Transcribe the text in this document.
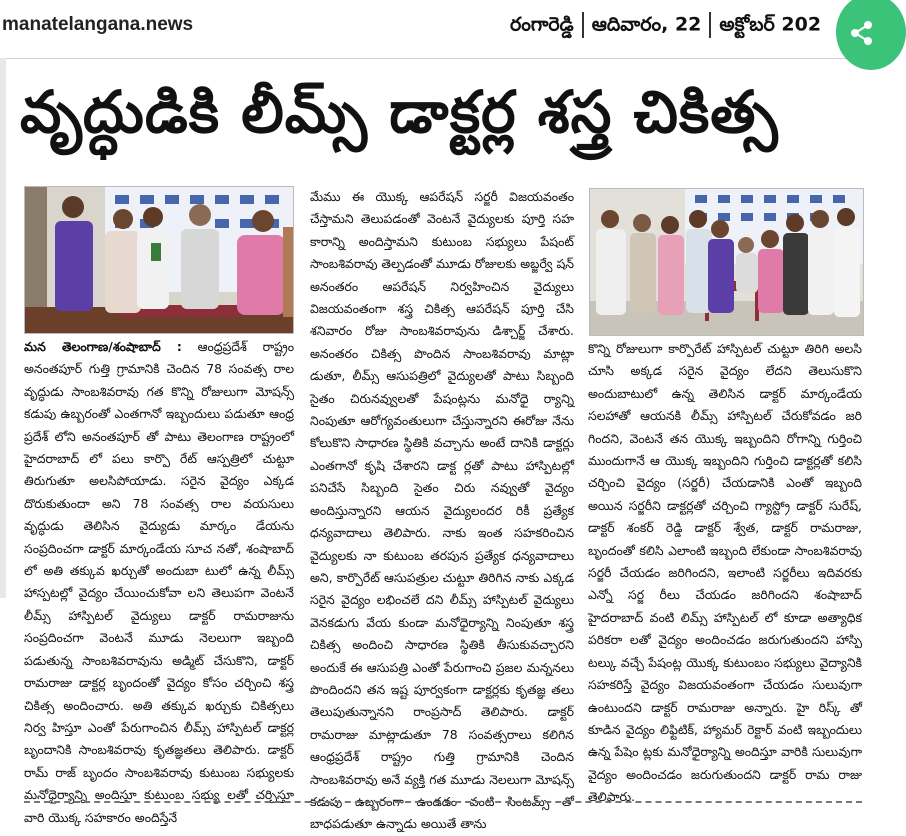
manatelangana.news	రంగారెడ్డి ఆదివారం, 22 అక్టోబర్ 202
వృద్ధుడికి లీమ్స్ డాక్టర్ల శస్త్ర చికిత్స
మన తెలంగాణ/శంషాబాద్ : ఆంధ్రప్రదేశ్ రాష్ట్రం అనంతపూర్ గుత్తి గ్రామానికి చెందిన 78 సంవత్స రాల వృద్ధుడు సాంబశివరావు గత కొన్ని రోజులుగా మోషన్స్ కడుపు ఉబ్బరంతో ఎంతగానో ఇబ్బందులు పడుతూ ఆంధ్ర ప్రదేశ్ లోని అనంతపూర్ తో పాటు తెలంగాణ రాష్ట్రంలో హైదరాబాద్ లో పలు కార్పొ రేట్ ఆస్పత్రిలో చుట్టూ తిరుగుతూ అలసిపోయాడు. సరైన వైద్యం ఎక్కడ దొరుకుతుందా అని 78 సంవత్స రాల వయసులు వృద్ధుడు తెలిసిన వైద్యుడు మార్కం డేయను సంప్రదించగా డాక్టర్ మార్కండేయ సూచ నతో, శంషాబాద్ లో అతి తక్కువ ఖర్చుతో అందుబా టులో ఉన్న లీమ్స్ హాస్పటల్లో వైద్యం చేయించుకోవా లని తెలుపగా వెంటనే లీమ్స్ హాస్పిటల్ వైద్యులు డాక్టర్ రామరాజును సంప్రదించగా వెంటనే మూడు నెలలుగా ఇబ్బంది పడుతున్న సాంబశివరావును అడ్మిట్ చేసుకొని, డాక్టర్ రామరాజు డాక్టర్ల బృందంతో వైద్యం కోసం చర్చించి శస్త్ర చికిత్స అందించారు. అతి తక్కువ ఖర్చుకు చికిత్సలు నిర్వ హిస్తూ ఎంతో పేరుగాంచిన లీమ్స్ హాస్పిటల్ డాక్టర్ల బృందానికి సాంబశివరావు కృతజ్ఞతలు తెలిపారు. డాక్టర్ రామ్ రాజ్ బృందం సాంబశివరావు కుటుంబ సభ్యులకు మనోధైర్యాన్ని అందిస్తూ కుటుంబ సభ్యు లతో చర్చిస్తూ వారి యొక్క సహకారం అందిస్తేనే
మేము ఈ యొక్క ఆపరేషన్ సర్జరీ విజయవంతం చేస్తామని తెలుపడంతో వెంటనే వైద్యులకు పూర్తి సహ కారాన్ని అందిస్తామని కుటుంబ సభ్యులు పేషంట్ సాంబశివరావు తెల్పడంతో మూడు రోజులకు అబ్జర్వే షన్ అనంతరం ఆపరేషన్ నిర్వహించిన వైద్యులు విజయవంతంగా శస్త్ర చికిత్స ఆపరేషన్ పూర్తి చేసి శనివారం రోజు సాంబశివరావును డిశ్చార్జ్ చేశారు. అనంతరం చికిత్స పొందిన సాంబశివరావు మాట్లా డుతూ, లీమ్స్ ఆసుపత్రిలో వైద్యులతో పాటు సిబ్బంది సైతం చిరునవ్వులతో పేషంట్లను మనోధై ర్యాన్ని నింపుతూ ఆరోగ్యవంతులుగా చేస్తున్నారని ఈరోజు నేను కోలుకొని సాధారణ స్థితికి వచ్చాను అంటే దానికి డాక్టర్లు ఎంతగానో కృషి చేశారని డాక్ట ర్లతో పాటు హాస్పిటల్లో పనిచేసే సిబ్బంది సైతం చిరు నవ్వుతో వైద్యం అందిస్తున్నారని ఆయన వైద్యులందర రికీ ప్రత్యేక ధన్యవాదాలు తెలిపారు. నాకు ఇంత సహకరించిన వైద్యులకు నా కుటుంబ తరపున ప్రత్యేక ధన్యవాదాలు అని, కార్పొరేట్ ఆసుపత్రుల చుట్టూ తిరిగిన నాకు ఎక్కడ సరైన వైద్యం లభించలే దని లీమ్స్ హాస్పిటల్ వైద్యులు వెనకడుగు వేయ కుండా మనోధైర్యాన్ని నింపుతూ శస్త్ర చికిత్స అందించి సాధారణ స్థితికి తీసుకువచ్చారని అందుకే ఈ ఆసుపత్రి ఎంతో పేరుగాంచి ప్రజల మన్ననలు పొందిందని తన ఇష్ట పూర్వకంగా డాక్టర్లకు కృతజ్ఞ తలు తెలుపుతున్నానని రాంప్రసాద్ తెలిపారు. డాక్టర్ రామరాజు మాట్లాడుతూ 78 సంవత్సరాలు కలిగిన ఆంధ్రప్రదేశ్ రాష్ట్రం గుత్తి గ్రామానికి చెందిన సాంబశివరావు అనే వ్యక్తి గత మూడు నెలలుగా మోషన్స్ కడుపు ఉబ్బరంగా ఉండడం వంటి సింటమ్స్ తో బాధపడుతూ ఉన్నాడు అయితే తాను
కొన్ని రోజులుగా కార్పొరేట్ హాస్పిటల్ చుట్టూ తిరిగి అలసి చూసి అక్కడ సరైన వైద్యం లేదని తెలుసుకొని అందుబాటులో ఉన్న తెలిసిన డాక్టర్ మార్కండేయ సలహాతో ఆయనకి లీమ్స్ హాస్పిటల్ చేరుకోవడం జరి గిందని, వెంటనే తన యొక్క ఇబ్బందిని రోగాన్ని గుర్తించి ముందుగానే ఆ యొక్క ఇబ్బందిని గుర్తించి డాక్టర్లతో కలిసి చర్చించి వైద్యం (సర్జరీ) చేయడానికి ఎంతో ఇబ్బంది అయిన సర్జరీని డాక్టర్లతో చర్చించి గ్యాస్ట్రో డాక్టర్ సురేష్, డాక్టర్ శంకర్ రెడ్డి డాక్టర్ శ్వేత, డాక్టర్ రామరాజు, బృందంతో కలిసి ఎలాంటి ఇబ్బంది లేకుండా సాంబశివరావు సర్జరీ చేయడం జరిగిందని, ఇలాంటి సర్జరీలు ఇదివరకు ఎన్నో సర్జ రీలు చేయడం జరిగిందని శంషాబాద్ హైదరాబాద్ వంటి లిమ్స్ హాస్పిటల్ లో కూడా అత్యాధిక పరికరా లతో వైద్యం అందించడం జరుగుతుందని హాస్పి టల్కు వచ్చే పేషంట్ల యొక్క కుటుంబం సభ్యులు వైద్యానికి సహకరిస్తే వైద్యం విజయవంతంగా చేయడం సులువుగా ఉంటుందని డాక్టర్ రామరాజు అన్నారు. హై రిస్క్ తో కూడిన వైద్యం లిఫ్టిటిక్, హ్యామర్ రెక్టార్ వంటి ఇబ్బందులు ఉన్న పేషెం ట్లకు మనోధైర్యాన్ని అందిస్తూ వారికి సులువుగా వైద్యం అందించడం జరుగుతుందని డాక్టర్ రామ రాజు తెలిపారు.
